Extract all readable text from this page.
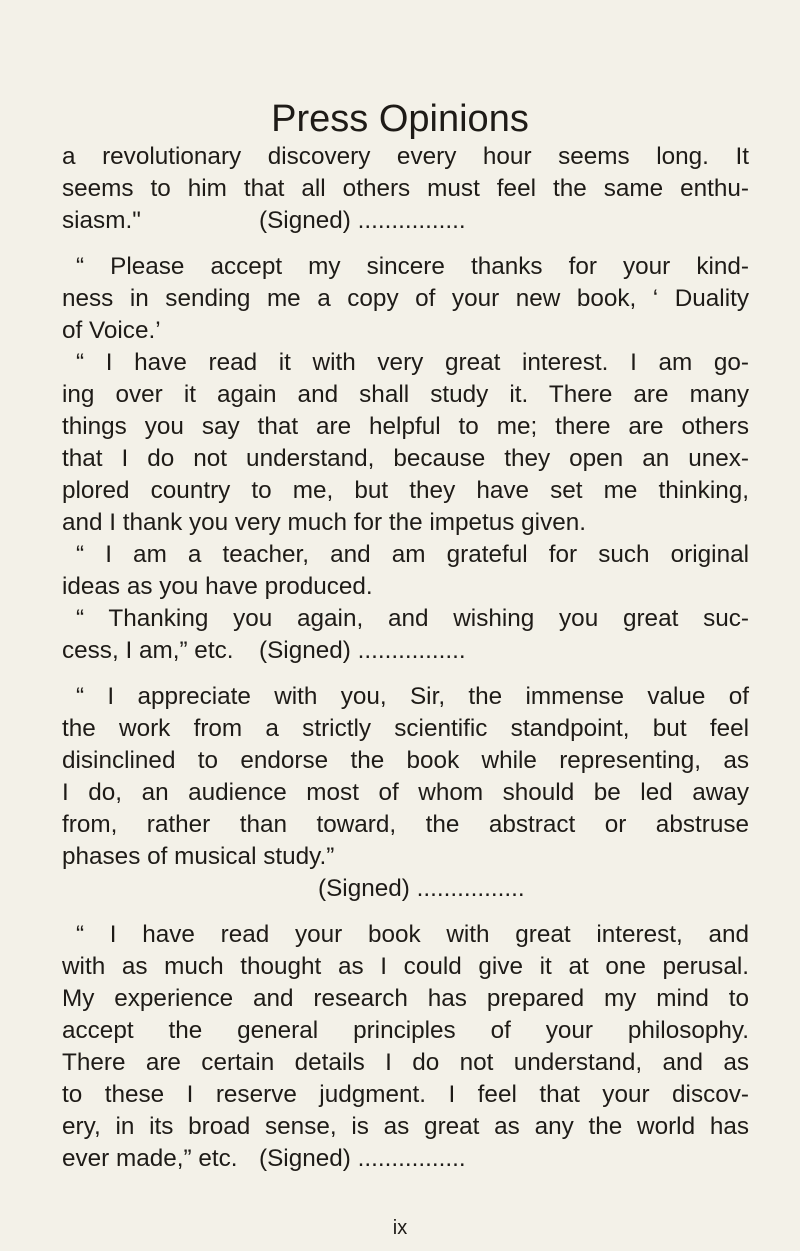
Press Opinions
a revolutionary discovery every hour seems long. It
seems to him that all others must feel the same enthu-
siasm."	(Signed) ................
“ Please accept my sincere thanks for your kind-
ness in sending me a copy of your new book, ‘ Duality
of Voice.’
“ I have read it with very great interest. I am go-
ing over it again and shall study it. There are many
things you say that are helpful to me; there are others
that I do not understand, because they open an unex-
plored country to me, but they have set me thinking,
and I thank you very much for the impetus given.
“ I am a teacher, and am grateful for such original
ideas as you have produced.
“ Thanking you again, and wishing you great suc-
cess, I am,” etc. (Signed) ................
“ I appreciate with you, Sir, the immense value of
the work from a strictly scientific standpoint, but feel
disinclined to endorse the book while representing, as
I do, an audience most of whom should be led away
from, rather than toward, the abstract or abstruse
phases of musical study.”
(Signed) ................
“ I have read your book with great interest, and
with as much thought as I could give it at one perusal.
My experience and research has prepared my mind to
accept the general principles of your philosophy.
There are certain details I do not understand, and as
to these I reserve judgment. I feel that your discov-
ery, in its broad sense, is as great as any the world has
ever made,” etc. (Signed) ................
ix
